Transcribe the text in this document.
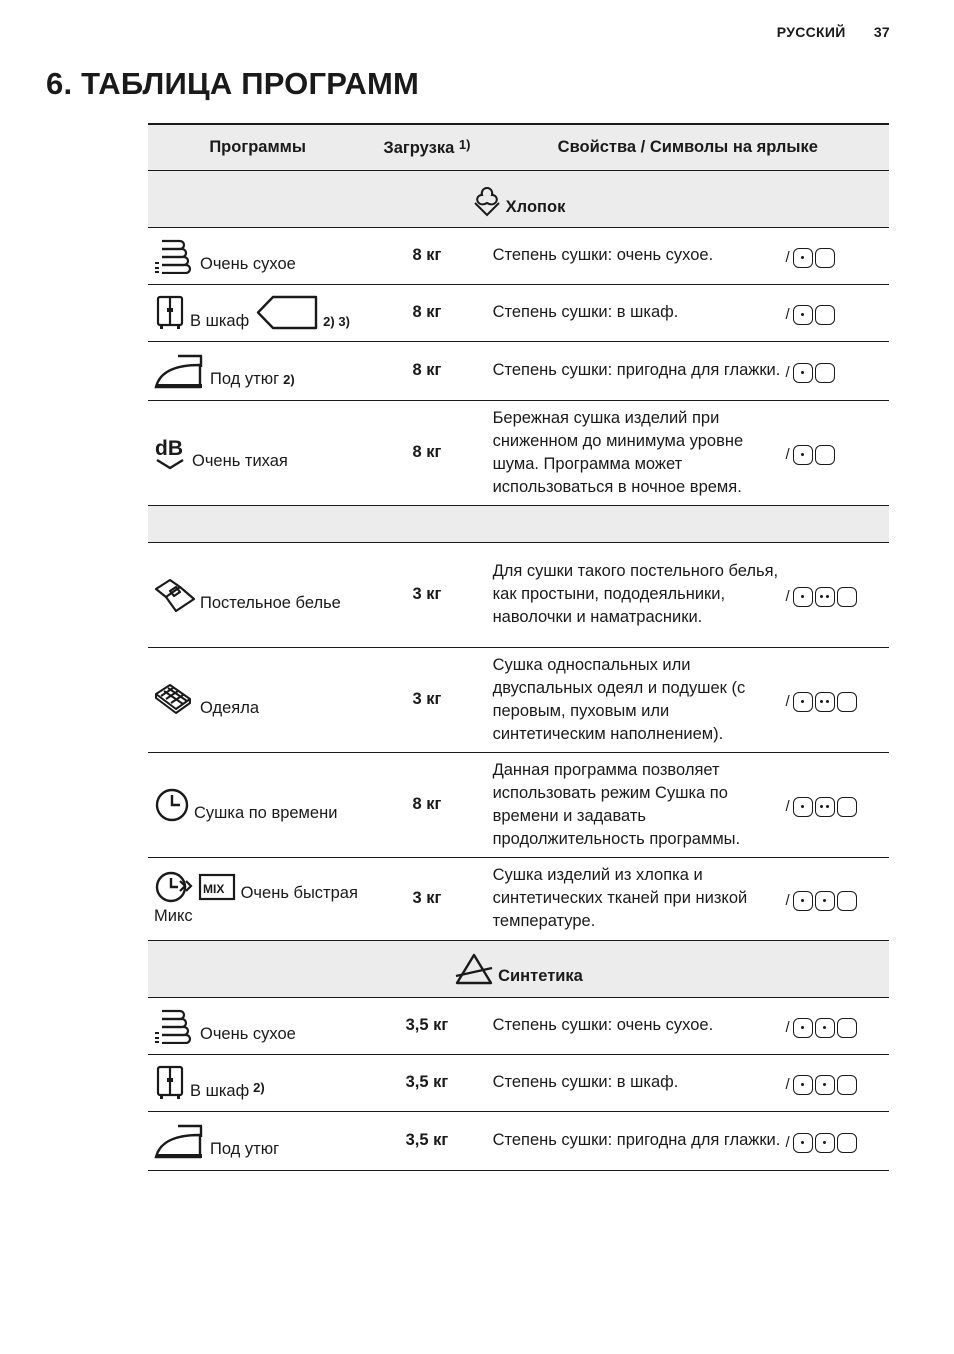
РУССКИЙ 37
6. ТАБЛИЦА ПРОГРАММ
Программы	Загрузка $^{1)}$	Свойства / Символы на ярлыке	

Хлопок			

Очень сухое	8 кг	Степень сушки: очень сухое.	/

В шкаф 2) 3)	8 кг	Степень сушки: в шкаф.	/

Под утюг 2)	8 кг	Степень сушки: пригодна для глажки.	/

dB
Очень тихая	8 кг	Бережная сушка изделий при сниженном до минимума уровне шума. Программа может использоваться в ночное время.	/

Постельное белье	3 кг	Для сушки такого постельного белья, как простыни, пододеяльники, наволочки и наматрасники.	/

Одеяла	3 кг	Сушка односпальных или двуспальных одеял и подушек (с перовым, пуховым или синтетическим наполнением).	/

Сушка по времени	8 кг	Данная программа позволяет использовать режим Сушка по времени и задавать продолжительность программы.	/

MIX Очень быстрая Микс	3 кг	Сушка изделий из хлопка и синтетических тканей при низкой температуре.	/

Синтетика			

Очень сухое	3,5 кг	Степень сушки: очень сухое.	/

В шкаф 2)	3,5 кг	Степень сушки: в шкаф.	/

Под утюг	3,5 кг	Степень сушки: пригодна для глажки.	/
